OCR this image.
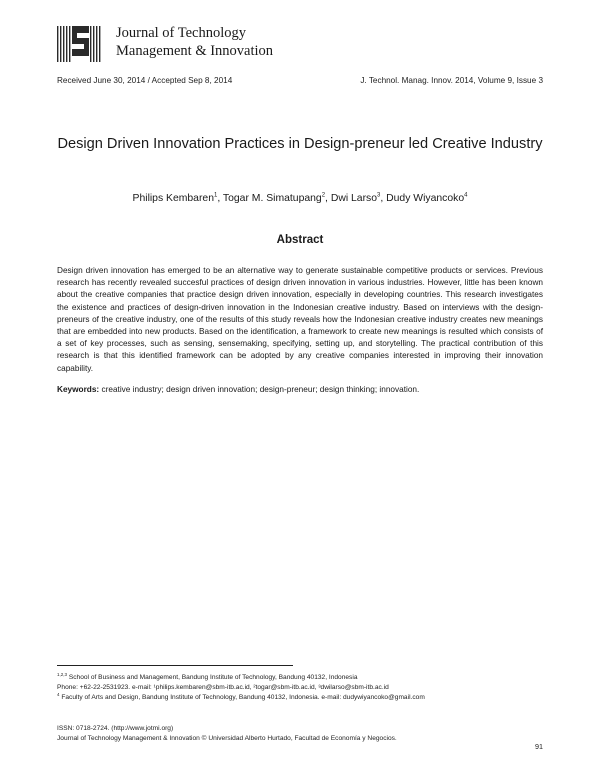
Journal of Technology
Management & Innovation
Received June 30, 2014 / Accepted Sep 8, 2014	J. Technol. Manag. Innov. 2014, Volume 9, Issue 3
Design Driven Innovation Practices in Design-preneur led Creative Industry
Philips Kembaren$^1$, Togar M. Simatupang$^2$, Dwi Larso$^3$, Dudy Wiyancoko$^4$
Abstract
Design driven innovation has emerged to be an alternative way to generate sustainable competitive products or services. Previous research has recently revealed succesful practices of design driven innovation in various industries. However, little has been known about the creative companies that practice design driven innovation, especially in developing countries. This research investigates the existence and practices of design-driven innovation in the Indonesian creative industry. Based on interviews with the design-preneurs of the creative industry, one of the results of this study reveals how the Indonesian creative industry creates new meanings that are embedded into new products. Based on the identification, a framework to create new meanings is resulted which consists of a set of key processes, such as sensing, sensemaking, specifying, setting up, and storytelling. The practical contribution of this research is that this identified framework can be adopted by any creative companies interested in improving their innovation capability.
Keywords: creative industry; design driven innovation; design-preneur; design thinking; innovation.
$^{1,2,3}$ School of Business and Management, Bandung Institute of Technology, Bandung 40132, Indonesia
Phone: +62-22-2531923. e-mail: ¹philips.kembaren@sbm-itb.ac.id, ²togar@sbm-itb.ac.id, ³dwilarso@sbm-itb.ac.id
$^4$ Faculty of Arts and Design, Bandung Institute of Technology, Bandung 40132, Indonesia. e-mail: dudywiyancoko@gmail.com
ISSN: 0718-2724. (http://www.jotmi.org)
Journal of Technology Management & Innovation © Universidad Alberto Hurtado, Facultad de Economía y Negocios.
91
